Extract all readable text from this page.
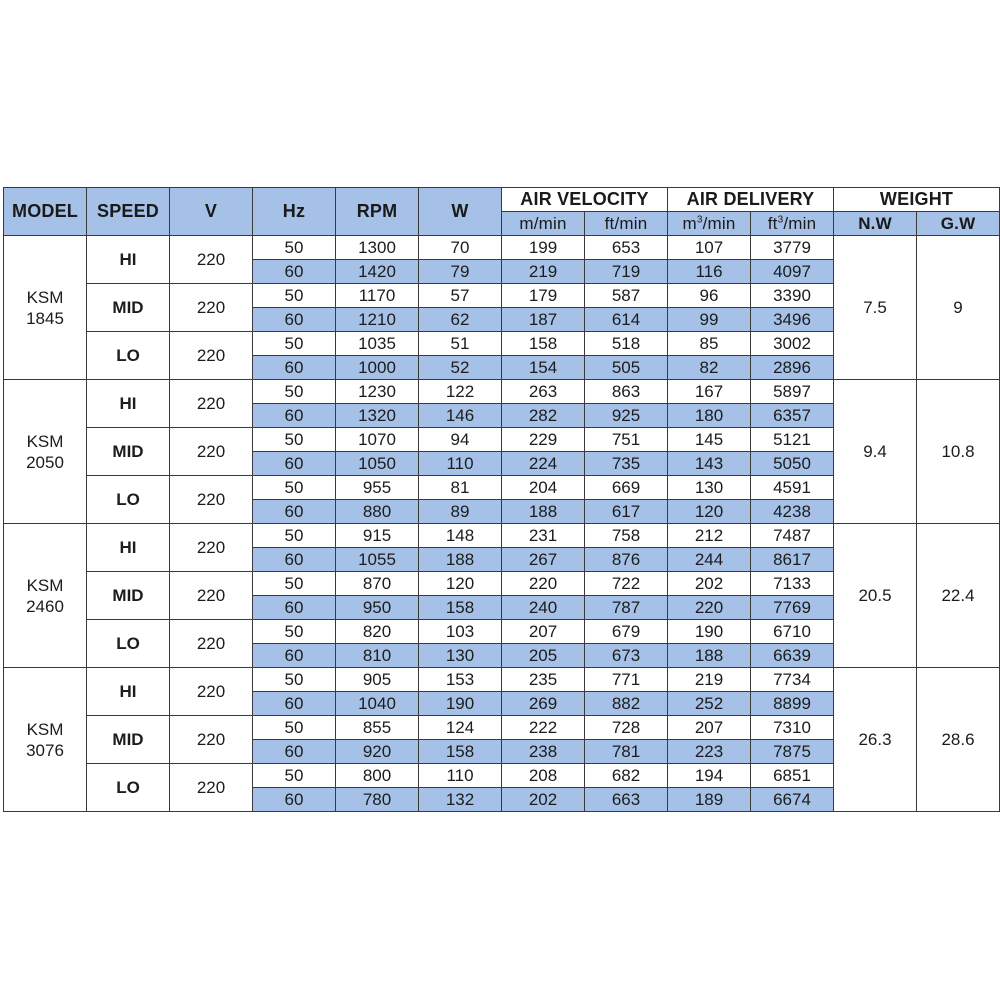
MODEL	SPEED	V	Hz	RPM	W	AIR VELOCITY		AIR DELIVERY		WEIGHT	
						m/min	ft/min	$m^3/\min$	$ft^3/\min$	N.W	G.W

KSM
1845	HI	220	50	1300	70	199	653	107	3779	7.5	9
			60	1420	79	219	719	116	4097		
	MID	220	50	1170	57	179	587	96	3390		
			60	1210	62	187	614	99	3496		
	LO	220	50	1035	51	158	518	85	3002		
			60	1000	52	154	505	82	2896		

KSM
2050	HI	220	50	1230	122	263	863	167	5897	9.4	10.8
			60	1320	146	282	925	180	6357		
	MID	220	50	1070	94	229	751	145	5121		
			60	1050	110	224	735	143	5050		
	LO	220	50	955	81	204	669	130	4591		
			60	880	89	188	617	120	4238		

KSM
2460	HI	220	50	915	148	231	758	212	7487	20.5	22.4
			60	1055	188	267	876	244	8617		
	MID	220	50	870	120	220	722	202	7133		
			60	950	158	240	787	220	7769		
	LO	220	50	820	103	207	679	190	6710		
			60	810	130	205	673	188	6639		

KSM
3076	HI	220	50	905	153	235	771	219	7734	26.3	28.6
			60	1040	190	269	882	252	8899		
	MID	220	50	855	124	222	728	207	7310		
			60	920	158	238	781	223	7875		
	LO	220	50	800	110	208	682	194	6851		
			60	780	132	202	663	189	6674		
